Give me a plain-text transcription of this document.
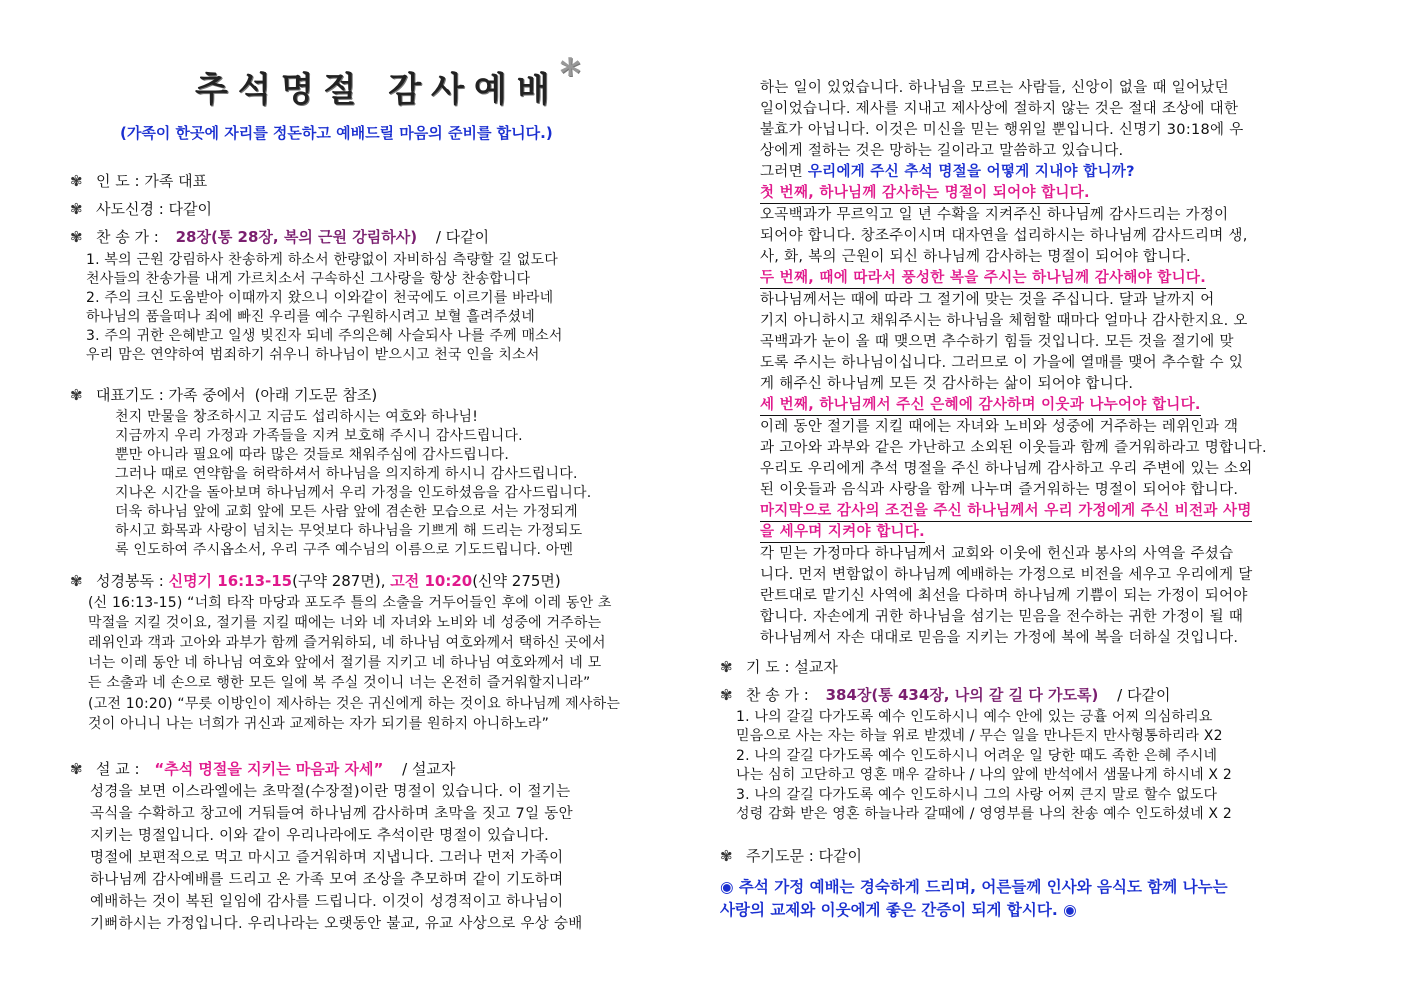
추석명절 감사예배*
(가족이 한곳에 자리를 정돈하고 예배드릴 마음의 준비를 합니다.)
✾ 인 도 : 가족 대표
✾ 사도신경 : 다같이
✾ 찬 송 가 : 28장(통 28장, 복의 근원 강림하사) / 다같이
1. 복의 근원 강림하사 찬송하게 하소서 한량없이 자비하심 측량할 길 없도다
천사들의 찬송가를 내게 가르치소서 구속하신 그사랑을 항상 찬송합니다
2. 주의 크신 도움받아 이때까지 왔으니 이와같이 천국에도 이르기를 바라네
하나님의 품을떠나 죄에 빠진 우리를 예수 구원하시려고 보혈 흘려주셨네
3. 주의 귀한 은혜받고 일생 빚진자 되네 주의은혜 사슬되사 나를 주께 매소서
우리 맘은 연약하여 범죄하기 쉬우니 하나님이 받으시고 천국 인을 치소서
✾ 대표기도 : 가족 중에서 (아래 기도문 참조)
천지 만물을 창조하시고 지금도 섭리하시는 여호와 하나님!
지금까지 우리 가정과 가족들을 지켜 보호해 주시니 감사드립니다.
뿐만 아니라 필요에 따라 많은 것들로 채워주심에 감사드립니다.
그러나 때로 연약함을 허락하셔서 하나님을 의지하게 하시니 감사드립니다.
지나온 시간을 돌아보며 하나님께서 우리 가정을 인도하셨음을 감사드립니다.
더욱 하나님 앞에 교회 앞에 모든 사람 앞에 겸손한 모습으로 서는 가정되게
하시고 화목과 사랑이 넘치는 무엇보다 하나님을 기쁘게 해 드리는 가정되도
록 인도하여 주시옵소서, 우리 구주 예수님의 이름으로 기도드립니다. 아멘
✾ 성경봉독 : 신명기 16:13-15(구약 287면), 고전 10:20(신약 275면)
(신 16:13-15) “너희 타작 마당과 포도주 틀의 소출을 거두어들인 후에 이레 동안 초
막절을 지킬 것이요, 절기를 지킬 때에는 너와 네 자녀와 노비와 네 성중에 거주하는
레위인과 객과 고아와 과부가 함께 즐거워하되, 네 하나님 여호와께서 택하신 곳에서
너는 이레 동안 네 하나님 여호와 앞에서 절기를 지키고 네 하나님 여호와께서 네 모
든 소출과 네 손으로 행한 모든 일에 복 주실 것이니 너는 온전히 즐거워할지니라”
(고전 10:20) “무릇 이방인이 제사하는 것은 귀신에게 하는 것이요 하나님께 제사하는
것이 아니니 나는 너희가 귀신과 교제하는 자가 되기를 원하지 아니하노라”
✾ 설 교 : “추석 명절을 지키는 마음과 자세” / 설교자
성경을 보면 이스라엘에는 초막절(수장절)이란 명절이 있습니다. 이 절기는
곡식을 수확하고 창고에 거둬들여 하나님께 감사하며 초막을 짓고 7일 동안
지키는 명절입니다. 이와 같이 우리나라에도 추석이란 명절이 있습니다.
명절에 보편적으로 먹고 마시고 즐거워하며 지냅니다. 그러나 먼저 가족이
하나님께 감사예배를 드리고 온 가족 모여 조상을 추모하며 같이 기도하며
예배하는 것이 복된 일임에 감사를 드립니다. 이것이 성경적이고 하나님이
기뻐하시는 가정입니다. 우리나라는 오랫동안 불교, 유교 사상으로 우상 숭배
하는 일이 있었습니다. 하나님을 모르는 사람들, 신앙이 없을 때 일어났던
일이었습니다. 제사를 지내고 제사상에 절하지 않는 것은 절대 조상에 대한
불효가 아닙니다. 이것은 미신을 믿는 행위일 뿐입니다. 신명기 30:18에 우
상에게 절하는 것은 망하는 길이라고 말씀하고 있습니다.
그러면 우리에게 주신 추석 명절을 어떻게 지내야 합니까?
첫 번째, 하나님께 감사하는 명절이 되어야 합니다.
오곡백과가 무르익고 일 년 수확을 지켜주신 하나님께 감사드리는 가정이
되어야 합니다. 창조주이시며 대자연을 섭리하시는 하나님께 감사드리며 생,
사, 화, 복의 근원이 되신 하나님께 감사하는 명절이 되어야 합니다.
두 번째, 때에 따라서 풍성한 복을 주시는 하나님께 감사해야 합니다.
하나님께서는 때에 따라 그 절기에 맞는 것을 주십니다. 달과 날까지 어
기지 아니하시고 채워주시는 하나님을 체험할 때마다 얼마나 감사한지요. 오
곡백과가 눈이 올 때 맺으면 추수하기 힘들 것입니다. 모든 것을 절기에 맞
도록 주시는 하나님이십니다. 그러므로 이 가을에 열매를 맺어 추수할 수 있
게 해주신 하나님께 모든 것 감사하는 삶이 되어야 합니다.
세 번째, 하나님께서 주신 은혜에 감사하며 이웃과 나누어야 합니다.
이레 동안 절기를 지킬 때에는 자녀와 노비와 성중에 거주하는 레위인과 객
과 고아와 과부와 같은 가난하고 소외된 이웃들과 함께 즐거워하라고 명합니다.
우리도 우리에게 추석 명절을 주신 하나님께 감사하고 우리 주변에 있는 소외
된 이웃들과 음식과 사랑을 함께 나누며 즐거워하는 명절이 되어야 합니다.
마지막으로 감사의 조건을 주신 하나님께서 우리 가정에게 주신 비전과 사명
을 세우며 지켜야 합니다.
각 믿는 가정마다 하나님께서 교회와 이웃에 헌신과 봉사의 사역을 주셨습
니다. 먼저 변함없이 하나님께 예배하는 가정으로 비전을 세우고 우리에게 달
란트대로 맡기신 사역에 최선을 다하며 하나님께 기쁨이 되는 가정이 되어야
합니다. 자손에게 귀한 하나님을 섬기는 믿음을 전수하는 귀한 가정이 될 때
하나님께서 자손 대대로 믿음을 지키는 가정에 복에 복을 더하실 것입니다.
✾ 기 도 : 설교자
✾ 찬 송 가 : 384장(통 434장, 나의 갈 길 다 가도록) / 다같이
1. 나의 갈길 다가도록 예수 인도하시니 예수 안에 있는 긍휼 어찌 의심하리요
믿음으로 사는 자는 하늘 위로 받겠네 / 무슨 일을 만나든지 만사형통하리라 X2
2. 나의 갈길 다가도록 예수 인도하시니 어려운 일 당한 때도 족한 은혜 주시네
나는 심히 고단하고 영혼 매우 갈하나 / 나의 앞에 반석에서 샘물나게 하시네 X 2
3. 나의 갈길 다가도록 예수 인도하시니 그의 사랑 어찌 큰지 말로 할수 없도다
성령 감화 받은 영혼 하늘나라 갈때에 / 영영부를 나의 찬송 예수 인도하셨네 X 2
✾ 주기도문 : 다같이
◉ 추석 가정 예배는 경숙하게 드리며, 어른들께 인사와 음식도 함께 나누는
사랑의 교제와 이웃에게 좋은 간증이 되게 합시다. ◉
